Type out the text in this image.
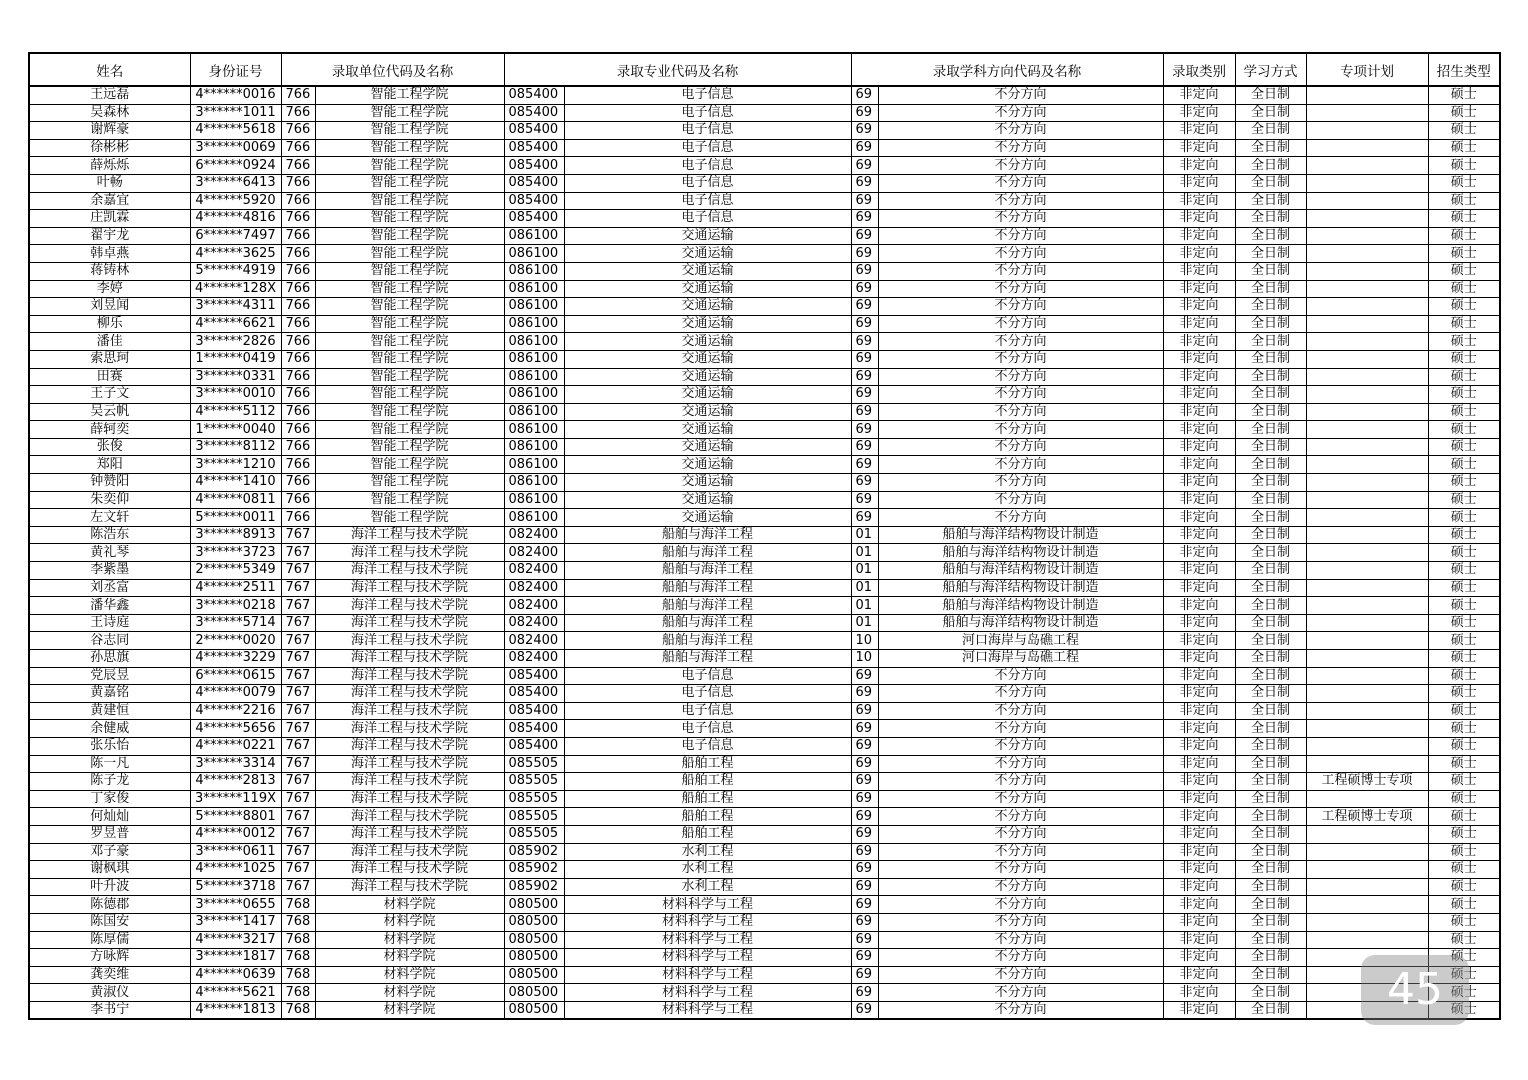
姓名	身份证号	录取单位代码及名称		录取专业代码及名称		录取学科方向代码及名称		录取类别	学习方式	专项计划	招生类型
王远磊	4******0016	766	智能工程学院	085400	电子信息	69	不分方向	非定向	全日制		硕士
吴森林	3******1011	766	智能工程学院	085400	电子信息	69	不分方向	非定向	全日制		硕士
谢辉豪	4******5618	766	智能工程学院	085400	电子信息	69	不分方向	非定向	全日制		硕士
徐彬彬	3******0069	766	智能工程学院	085400	电子信息	69	不分方向	非定向	全日制		硕士
薛烁烁	6******0924	766	智能工程学院	085400	电子信息	69	不分方向	非定向	全日制		硕士
叶畅	3******6413	766	智能工程学院	085400	电子信息	69	不分方向	非定向	全日制		硕士
余嘉宜	4******5920	766	智能工程学院	085400	电子信息	69	不分方向	非定向	全日制		硕士
庄凯霖	4******4816	766	智能工程学院	085400	电子信息	69	不分方向	非定向	全日制		硕士
翟宇龙	6******7497	766	智能工程学院	086100	交通运输	69	不分方向	非定向	全日制		硕士
韩卓燕	4******3625	766	智能工程学院	086100	交通运输	69	不分方向	非定向	全日制		硕士
蒋铸林	5******4919	766	智能工程学院	086100	交通运输	69	不分方向	非定向	全日制		硕士
李婷	4******128X	766	智能工程学院	086100	交通运输	69	不分方向	非定向	全日制		硕士
刘昱闻	3******4311	766	智能工程学院	086100	交通运输	69	不分方向	非定向	全日制		硕士
柳乐	4******6621	766	智能工程学院	086100	交通运输	69	不分方向	非定向	全日制		硕士
潘佳	3******2826	766	智能工程学院	086100	交通运输	69	不分方向	非定向	全日制		硕士
索思珂	1******0419	766	智能工程学院	086100	交通运输	69	不分方向	非定向	全日制		硕士
田赛	3******0331	766	智能工程学院	086100	交通运输	69	不分方向	非定向	全日制		硕士
王子文	3******0010	766	智能工程学院	086100	交通运输	69	不分方向	非定向	全日制		硕士
吴云帆	4******5112	766	智能工程学院	086100	交通运输	69	不分方向	非定向	全日制		硕士
薛轲奕	1******0040	766	智能工程学院	086100	交通运输	69	不分方向	非定向	全日制		硕士
张俊	3******8112	766	智能工程学院	086100	交通运输	69	不分方向	非定向	全日制		硕士
郑阳	3******1210	766	智能工程学院	086100	交通运输	69	不分方向	非定向	全日制		硕士
钟赞阳	4******1410	766	智能工程学院	086100	交通运输	69	不分方向	非定向	全日制		硕士
朱奕仰	4******0811	766	智能工程学院	086100	交通运输	69	不分方向	非定向	全日制		硕士
左文轩	5******0011	766	智能工程学院	086100	交通运输	69	不分方向	非定向	全日制		硕士
陈浩东	3******8913	767	海洋工程与技术学院	082400	船舶与海洋工程	01	船舶与海洋结构物设计制造	非定向	全日制		硕士
黄礼琴	3******3723	767	海洋工程与技术学院	082400	船舶与海洋工程	01	船舶与海洋结构物设计制造	非定向	全日制		硕士
李紫墨	2******5349	767	海洋工程与技术学院	082400	船舶与海洋工程	01	船舶与海洋结构物设计制造	非定向	全日制		硕士
刘丞富	4******2511	767	海洋工程与技术学院	082400	船舶与海洋工程	01	船舶与海洋结构物设计制造	非定向	全日制		硕士
潘华鑫	3******0218	767	海洋工程与技术学院	082400	船舶与海洋工程	01	船舶与海洋结构物设计制造	非定向	全日制		硕士
王诗庭	3******5714	767	海洋工程与技术学院	082400	船舶与海洋工程	01	船舶与海洋结构物设计制造	非定向	全日制		硕士
谷志同	2******0020	767	海洋工程与技术学院	082400	船舶与海洋工程	10	河口海岸与岛礁工程	非定向	全日制		硕士
孙思旗	4******3229	767	海洋工程与技术学院	082400	船舶与海洋工程	10	河口海岸与岛礁工程	非定向	全日制		硕士
党辰昱	6******0615	767	海洋工程与技术学院	085400	电子信息	69	不分方向	非定向	全日制		硕士
黄嘉铭	4******0079	767	海洋工程与技术学院	085400	电子信息	69	不分方向	非定向	全日制		硕士
黄建恒	4******2216	767	海洋工程与技术学院	085400	电子信息	69	不分方向	非定向	全日制		硕士
余健威	4******5656	767	海洋工程与技术学院	085400	电子信息	69	不分方向	非定向	全日制		硕士
张乐怡	4******0221	767	海洋工程与技术学院	085400	电子信息	69	不分方向	非定向	全日制		硕士
陈一凡	3******3314	767	海洋工程与技术学院	085505	船舶工程	69	不分方向	非定向	全日制		硕士
陈子龙	4******2813	767	海洋工程与技术学院	085505	船舶工程	69	不分方向	非定向	全日制	工程硕博士专项	硕士
丁家俊	3******119X	767	海洋工程与技术学院	085505	船舶工程	69	不分方向	非定向	全日制		硕士
何灿灿	5******8801	767	海洋工程与技术学院	085505	船舶工程	69	不分方向	非定向	全日制	工程硕博士专项	硕士
罗昱普	4******0012	767	海洋工程与技术学院	085505	船舶工程	69	不分方向	非定向	全日制		硕士
邓子豪	3******0611	767	海洋工程与技术学院	085902	水利工程	69	不分方向	非定向	全日制		硕士
谢枫琪	4******1025	767	海洋工程与技术学院	085902	水利工程	69	不分方向	非定向	全日制		硕士
叶升波	5******3718	767	海洋工程与技术学院	085902	水利工程	69	不分方向	非定向	全日制		硕士
陈德郡	3******0655	768	材料学院	080500	材料科学与工程	69	不分方向	非定向	全日制		硕士
陈国安	3******1417	768	材料学院	080500	材料科学与工程	69	不分方向	非定向	全日制		硕士
陈厚儒	4******3217	768	材料学院	080500	材料科学与工程	69	不分方向	非定向	全日制		硕士
方咏辉	3******1817	768	材料学院	080500	材料科学与工程	69	不分方向	非定向	全日制		硕士
龚奕维	4******0639	768	材料学院	080500	材料科学与工程	69	不分方向	非定向	全日制		硕士
黄淑仪	4******5621	768	材料学院	080500	材料科学与工程	69	不分方向	非定向	全日制		硕士
李书宁	4******1813	768	材料学院	080500	材料科学与工程	69	不分方向	非定向	全日制		硕士
45
